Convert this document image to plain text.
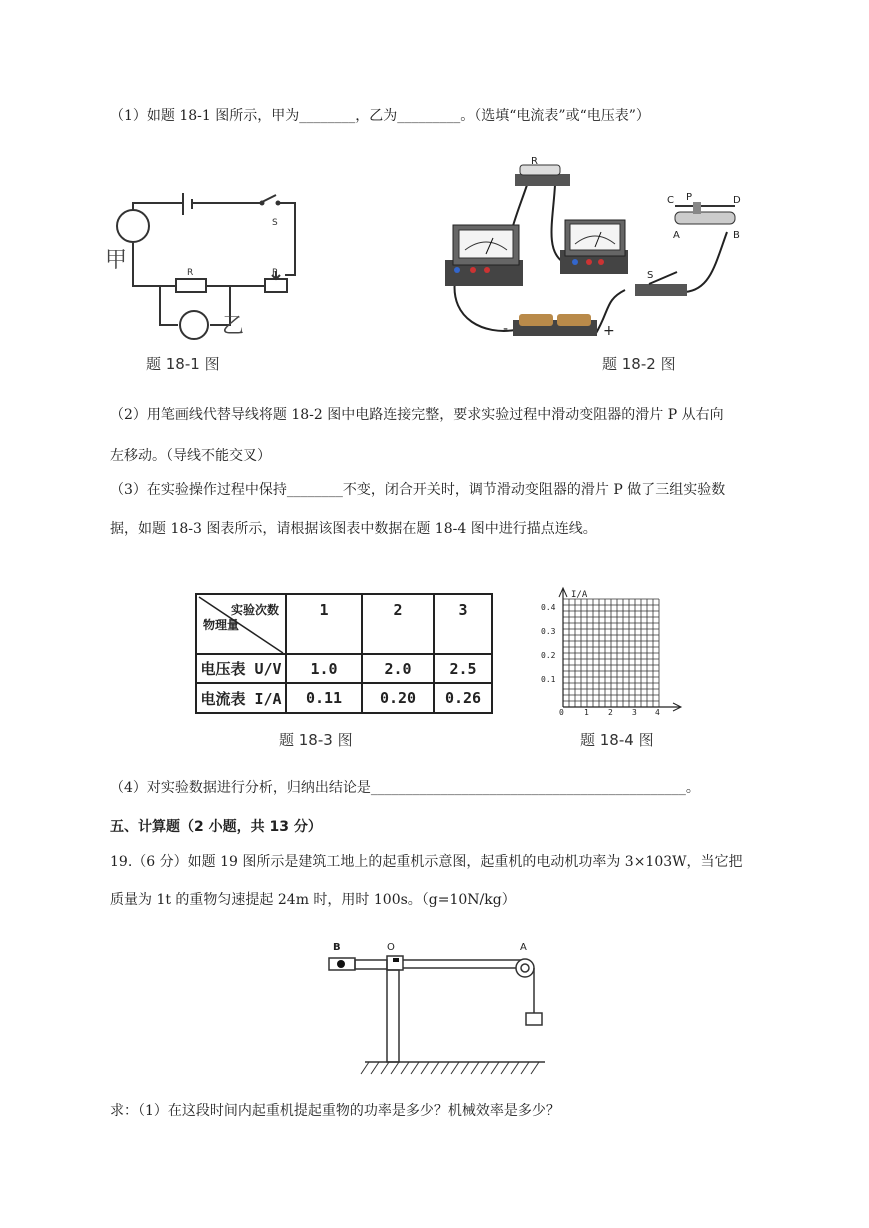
（1）如题 18-1 图所示，甲为________，乙为_________。（选填“电流表”或“电压表”）
甲
乙
S
R	P
题 18-1 图
R
-	+
S
C P	D
A	B
题 18-2 图
（2）用笔画线代替导线将题 18-2 图中电路连接完整，要求实验过程中滑动变阻器的滑片 P 从右向
左移动。（导线不能交叉）
（3）在实验操作过程中保持________不变，闭合开关时，调节滑动变阻器的滑片 P 做了三组实验数
据，如题 18-3 图表所示，请根据该图表中数据在题 18-4 图中进行描点连线。
实验次数
物理量	1	2	3
电压表 U/V	1.0	2.0	2.5
电流表 I/A	0.11	0.20	0.26
题 18-3 图
I/A
0.4
0.3
0.2
0.1
0	1 2 3 4
题 18-4 图
（4）对实验数据进行分析，归纳出结论是_____________________________________________。
五、计算题（2 小题，共 13 分）
19.（6 分）如题 19 图所示是建筑工地上的起重机示意图，起重机的电动机功率为 3×103W，当它把
质量为 1t 的重物匀速提起 24m 时，用时 100s。（g=10N/kg）
B	O	A
求：（1）在这段时间内起重机提起重物的功率是多少？机械效率是多少？
